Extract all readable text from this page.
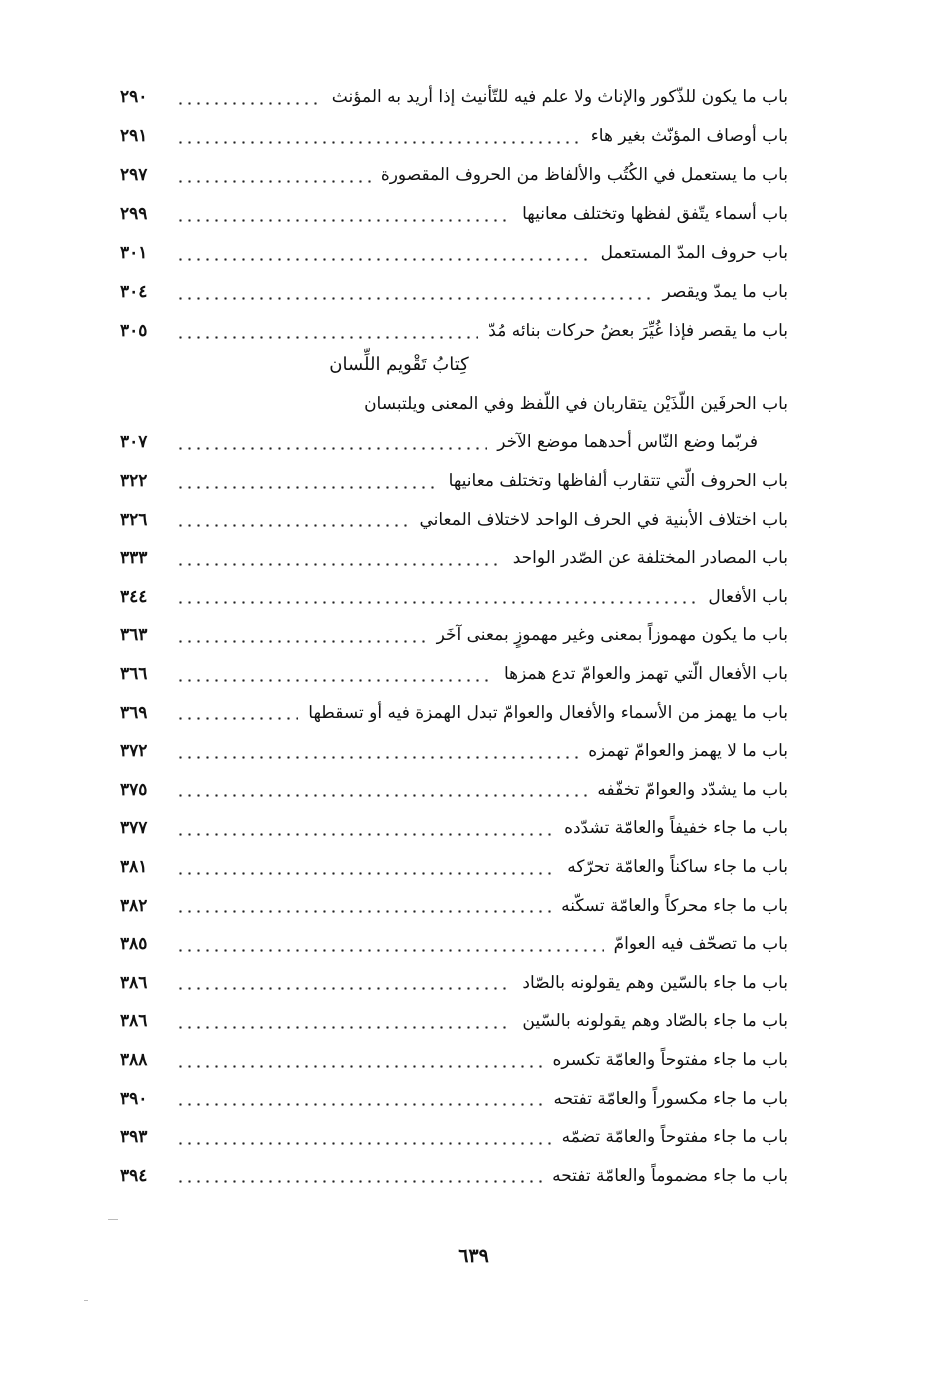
باب ما يكون للذّكور والإناث ولا علم فيه للتّأنيث إذا أريد به المؤنث
٢٩٠
باب أوصاف المؤنّث بغير هاء
٢٩١
باب ما يستعمل في الكُتُب والألفاظ من الحروف المقصورة
٢٩٧
باب أسماء يتّفق لفظها وتختلف معانيها
٢٩٩
باب حروف المدّ المستعمل
٣٠١
باب ما يمدّ ويقصر
٣٠٤
باب ما يقصر فإذا غُيِّرَ بعضُ حركات بنائه مُدّ
٣٠٥
كِتابُ تَقْويم اللِّسان
باب الحرفَين اللّذَيْن يتقاربان في اللّفظ وفي المعنى ويلتبسان
فربّما وضع النّاس أحدهما موضع الآخر
٣٠٧
باب الحروف الّتي تتقارب ألفاظها وتختلف معانيها
٣٢٢
باب اختلاف الأبنية في الحرف الواحد لاختلاف المعاني
٣٢٦
باب المصادر المختلفة عن الصّدر الواحد
٣٣٣
باب الأفعال
٣٤٤
باب ما يكون مهموزاً بمعنى وغير مهموزٍ بمعنى آخَر
٣٦٣
باب الأفعال الّتي تهمز والعوامّ تدع همزها
٣٦٦
باب ما يهمز من الأسماء والأفعال والعوامّ تبدل الهمزة فيه أو تسقطها
٣٦٩
باب ما لا يهمز والعوامّ تهمزه
٣٧٢
باب ما يشدّد والعوامّ تخفّفه
٣٧٥
باب ما جاء خفيفاً والعامّة تشدّده
٣٧٧
باب ما جاء ساكناً والعامّة تحرّكه
٣٨١
باب ما جاء محركاً والعامّة تسكّنه
٣٨٢
باب ما تصحّف فيه العوامّ
٣٨٥
باب ما جاء بالسّين وهم يقولونه بالصّاد
٣٨٦
باب ما جاء بالصّاد وهم يقولونه بالسّين
٣٨٦
باب ما جاء مفتوحاً والعامّة تكسره
٣٨٨
باب ما جاء مكسوراً والعامّة تفتحه
٣٩٠
باب ما جاء مفتوحاً والعامّة تضمّه
٣٩٣
باب ما جاء مضموماً والعامّة تفتحه
٣٩٤
٦٣٩
